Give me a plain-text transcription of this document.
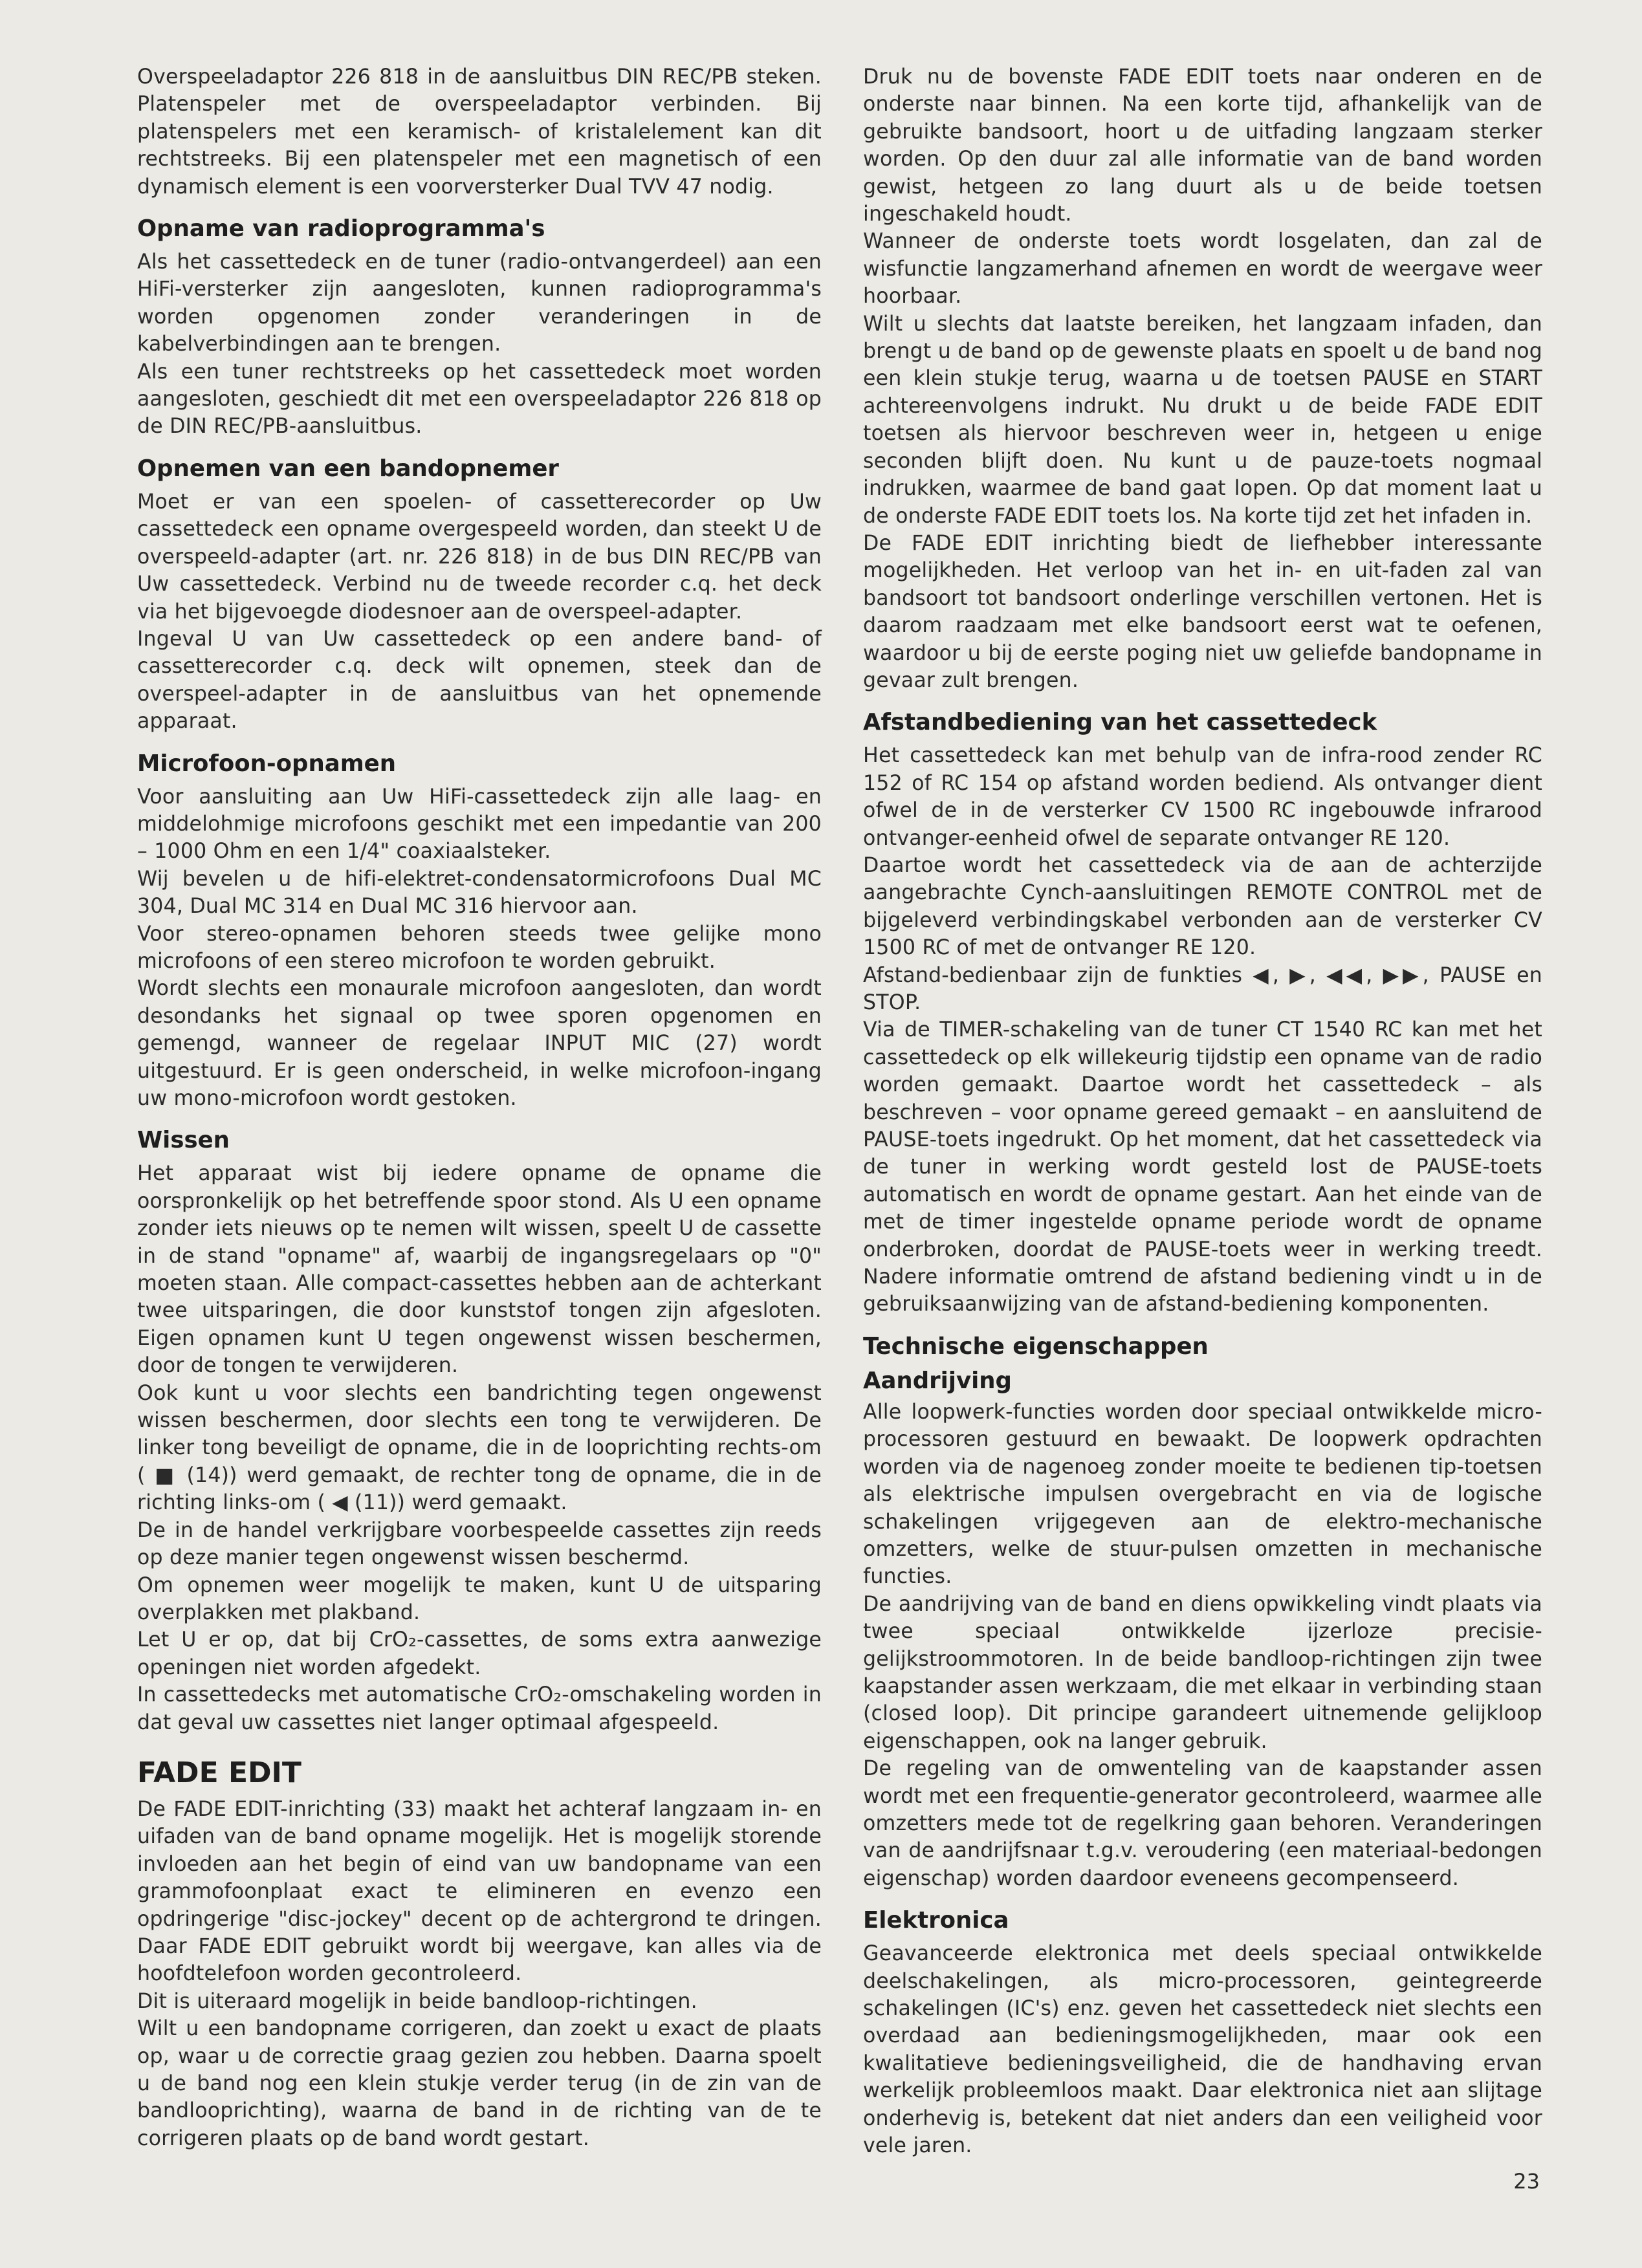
Overspeeladaptor 226 818 in de aansluitbus DIN REC/PB steken. Platenspeler met de overspeeladaptor verbinden. Bij platenspelers met een keramisch- of kristalelement kan dit rechtstreeks. Bij een platenspeler met een magnetisch of een dynamisch element is een voorversterker Dual TVV 47 nodig.

Opname van radioprogramma's

Als het cassettedeck en de tuner (radio-ontvangerdeel) aan een HiFi-versterker zijn aangesloten, kunnen radioprogramma's worden opgenomen zonder veranderingen in de kabelverbindingen aan te brengen.

Als een tuner rechtstreeks op het cassettedeck moet worden aangesloten, geschiedt dit met een overspeeladaptor 226 818 op de DIN REC/PB-aansluitbus.

Opnemen van een bandopnemer

Moet er van een spoelen- of cassetterecorder op Uw cassettedeck een opname overgespeeld worden, dan steekt U de overspeeld-adapter (art. nr. 226 818) in de bus DIN REC/PB van Uw cassettedeck. Verbind nu de tweede recorder c.q. het deck via het bijgevoegde diodesnoer aan de overspeel-adapter.

Ingeval U van Uw cassettedeck op een andere band- of cassetterecorder c.q. deck wilt opnemen, steek dan de overspeel-adapter in de aansluitbus van het opnemende apparaat.

Microfoon-opnamen

Voor aansluiting aan Uw HiFi-cassettedeck zijn alle laag- en middelohmige microfoons geschikt met een impedantie van 200 – 1000 Ohm en een 1/4" coaxiaalsteker.

Wij bevelen u de hifi-elektret-condensatormicrofoons Dual MC 304, Dual MC 314 en Dual MC 316 hiervoor aan.

Voor stereo-opnamen behoren steeds twee gelijke mono microfoons of een stereo microfoon te worden gebruikt.

Wordt slechts een monaurale microfoon aangesloten, dan wordt desondanks het signaal op twee sporen opgenomen en gemengd, wanneer de regelaar INPUT MIC (27) wordt uitgestuurd. Er is geen onderscheid, in welke microfoon-ingang uw mono-microfoon wordt gestoken.

Wissen

Het apparaat wist bij iedere opname de opname die oorspronkelijk op het betreffende spoor stond. Als U een opname zonder iets nieuws op te nemen wilt wissen, speelt U de cassette in de stand "opname" af, waarbij de ingangsregelaars op "0" moeten staan. Alle compact-cassettes hebben aan de achterkant twee uitsparingen, die door kunststof tongen zijn afgesloten. Eigen opnamen kunt U tegen ongewenst wissen beschermen, door de tongen te verwijderen.

Ook kunt u voor slechts een bandrichting tegen ongewenst wissen beschermen, door slechts een tong te verwijderen. De linker tong beveiligt de opname, die in de looprichting rechts-om ( ■ (14)) werd gemaakt, de rechter tong de opname, die in de richting links-om ( ◀ (11)) werd gemaakt.

De in de handel verkrijgbare voorbespeelde cassettes zijn reeds op deze manier tegen ongewenst wissen beschermd.

Om opnemen weer mogelijk te maken, kunt U de uitsparing overplakken met plakband.

Let U er op, dat bij CrO₂-cassettes, de soms extra aanwezige openingen niet worden afgedekt.

In cassettedecks met automatische CrO₂-omschakeling worden in dat geval uw cassettes niet langer optimaal afgespeeld.

FADE EDIT

De FADE EDIT-inrichting (33) maakt het achteraf langzaam in- en uifaden van de band opname mogelijk. Het is mogelijk storende invloeden aan het begin of eind van uw bandopname van een grammofoonplaat exact te elimineren en evenzo een opdringerige "disc-jockey" decent op de achtergrond te dringen. Daar FADE EDIT gebruikt wordt bij weergave, kan alles via de hoofdtelefoon worden gecontroleerd.

Dit is uiteraard mogelijk in beide bandloop-richtingen.

Wilt u een bandopname corrigeren, dan zoekt u exact de plaats op, waar u de correctie graag gezien zou hebben. Daarna spoelt u de band nog een klein stukje verder terug (in de zin van de bandlooprichting), waarna de band in de richting van de te corrigeren plaats op de band wordt gestart.

Druk nu de bovenste FADE EDIT toets naar onderen en de onderste naar binnen. Na een korte tijd, afhankelijk van de gebruikte bandsoort, hoort u de uitfading langzaam sterker worden. Op den duur zal alle informatie van de band worden gewist, hetgeen zo lang duurt als u de beide toetsen ingeschakeld houdt.

Wanneer de onderste toets wordt losgelaten, dan zal de wisfunctie langzamerhand afnemen en wordt de weergave weer hoorbaar.

Wilt u slechts dat laatste bereiken, het langzaam infaden, dan brengt u de band op de gewenste plaats en spoelt u de band nog een klein stukje terug, waarna u de toetsen PAUSE en START achtereenvolgens indrukt. Nu drukt u de beide FADE EDIT toetsen als hiervoor beschreven weer in, hetgeen u enige seconden blijft doen. Nu kunt u de pauze-toets nogmaal indrukken, waarmee de band gaat lopen. Op dat moment laat u de onderste FADE EDIT toets los. Na korte tijd zet het infaden in.

De FADE EDIT inrichting biedt de liefhebber interessante mogelijkheden. Het verloop van het in- en uit-faden zal van bandsoort tot bandsoort onderlinge verschillen vertonen. Het is daarom raadzaam met elke bandsoort eerst wat te oefenen, waardoor u bij de eerste poging niet uw geliefde bandopname in gevaar zult brengen.

Afstandbediening van het cassettedeck

Het cassettedeck kan met behulp van de infra-rood zender RC 152 of RC 154 op afstand worden bediend. Als ontvanger dient ofwel de in de versterker CV 1500 RC ingebouwde infrarood ontvanger-eenheid ofwel de separate ontvanger RE 120.

Daartoe wordt het cassettedeck via de aan de achterzijde aangebrachte Cynch-aansluitingen REMOTE CONTROL met de bijgeleverd verbindingskabel verbonden aan de versterker CV 1500 RC of met de ontvanger RE 120.

Afstand-bedienbaar zijn de funkties ◀, ▶, ◀◀, ▶▶, PAUSE en STOP.

Via de TIMER-schakeling van de tuner CT 1540 RC kan met het cassettedeck op elk willekeurig tijdstip een opname van de radio worden gemaakt. Daartoe wordt het cassettedeck – als beschreven – voor opname gereed gemaakt – en aansluitend de PAUSE-toets ingedrukt. Op het moment, dat het cassettedeck via de tuner in werking wordt gesteld lost de PAUSE-toets automatisch en wordt de opname gestart. Aan het einde van de met de timer ingestelde opname periode wordt de opname onderbroken, doordat de PAUSE-toets weer in werking treedt. Nadere informatie omtrend de afstand bediening vindt u in de gebruiksaanwijzing van de afstand-bediening komponenten.

Technische eigenschappen
Aandrijving

Alle loopwerk-functies worden door speciaal ontwikkelde micro-processoren gestuurd en bewaakt. De loopwerk opdrachten worden via de nagenoeg zonder moeite te bedienen tip-toetsen als elektrische impulsen overgebracht en via de logische schakelingen vrijgegeven aan de elektro-mechanische omzetters, welke de stuur-pulsen omzetten in mechanische functies.

De aandrijving van de band en diens opwikkeling vindt plaats via twee speciaal ontwikkelde ijzerloze precisie-gelijkstroommotoren. In de beide bandloop-richtingen zijn twee kaapstander assen werkzaam, die met elkaar in verbinding staan (closed loop). Dit principe garandeert uitnemende gelijkloop eigenschappen, ook na langer gebruik.

De regeling van de omwenteling van de kaapstander assen wordt met een frequentie-generator gecontroleerd, waarmee alle omzetters mede tot de regelkring gaan behoren. Veranderingen van de aandrijfsnaar t.g.v. veroudering (een materiaal-bedongen eigenschap) worden daardoor eveneens gecompenseerd.

Elektronica

Geavanceerde elektronica met deels speciaal ontwikkelde deelschakelingen, als micro-processoren, geintegreerde schakelingen (IC's) enz. geven het cassettedeck niet slechts een overdaad aan bedieningsmogelijkheden, maar ook een kwalitatieve bedieningsveiligheid, die de handhaving ervan werkelijk probleemloos maakt. Daar elektronica niet aan slijtage onderhevig is, betekent dat niet anders dan een veiligheid voor vele jaren.

23
